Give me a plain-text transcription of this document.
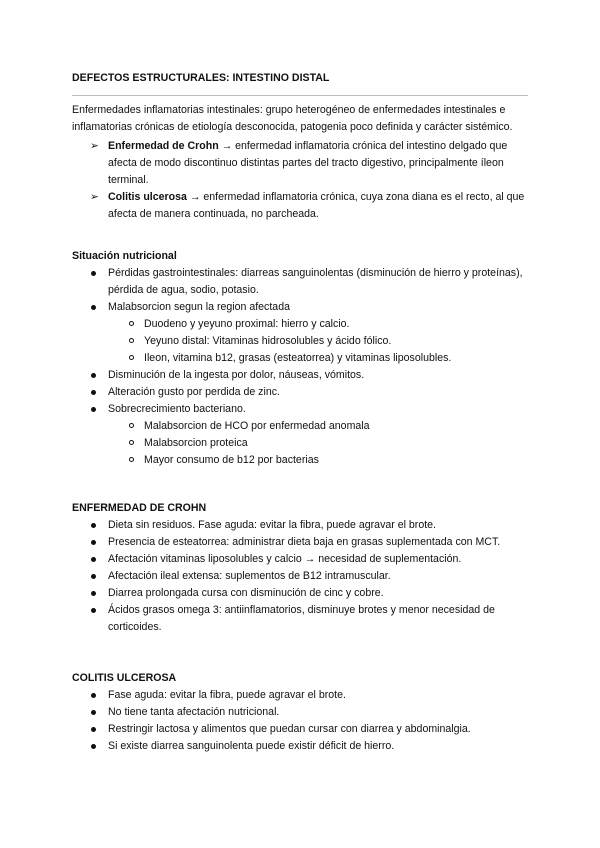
DEFECTOS ESTRUCTURALES: INTESTINO DISTAL

Enfermedades inflamatorias intestinales: grupo heterogéneo de enfermedades intestinales e inflamatorias crónicas de etiología desconocida, patogenia poco definida y carácter sistémico.

➢ Enfermedad de Crohn → enfermedad inflamatoria crónica del intestino delgado que afecta de modo discontinuo distintas partes del tracto digestivo, principalmente íleon terminal.
➢ Colitis ulcerosa → enfermedad inflamatoria crónica, cuya zona diana es el recto, al que afecta de manera continuada, no parcheada.
Situación nutricional
Pérdidas gastrointestinales: diarreas sanguinolentas (disminución de hierro y proteínas), pérdida de agua, sodio, potasio.
Malabsorcion segun la region afectada
Duodeno y yeyuno proximal: hierro y calcio.
Yeyuno distal: Vitaminas hidrosolubles y ácido fólico.
Ileon, vitamina b12, grasas (esteatorrea) y vitaminas liposolubles.
Disminución de la ingesta por dolor, náuseas, vómitos.
Alteración gusto por perdida de zinc.
Sobrecrecimiento bacteriano.
Malabsorcion de HCO por enfermedad anomala
Malabsorcion proteica
Mayor consumo de b12 por bacterias
ENFERMEDAD DE CROHN
Dieta sin residuos. Fase aguda: evitar la fibra, puede agravar el brote.
Presencia de esteatorrea: administrar dieta baja en grasas suplementada con MCT.
Afectación vitaminas liposolubles y calcio → necesidad de suplementación.
Afectación ileal extensa: suplementos de B12 intramuscular.
Diarrea prolongada cursa con disminución de cinc y cobre.
Ácidos grasos omega 3: antiinflamatorios, disminuye brotes y menor necesidad de corticoides.
COLITIS ULCEROSA
Fase aguda: evitar la fibra, puede agravar el brote.
No tiene tanta afectación nutricional.
Restringir lactosa y alimentos que puedan cursar con diarrea y abdominalgia.
Si existe diarrea sanguinolenta puede existir déficit de hierro.
